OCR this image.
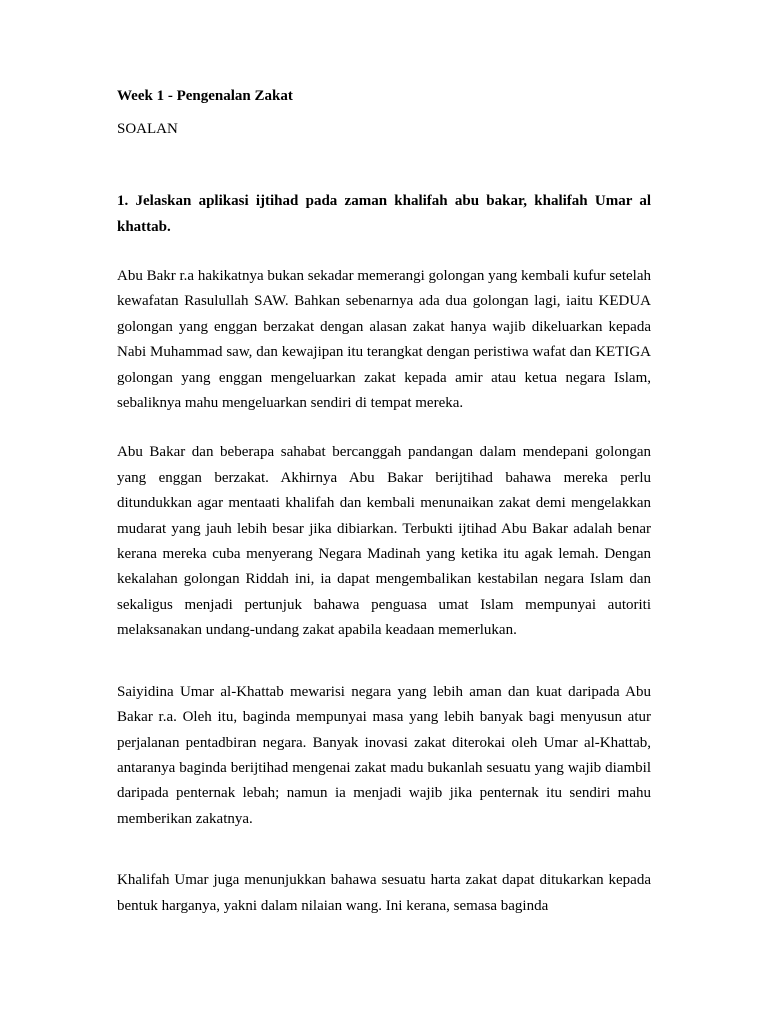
Week 1 - Pengenalan Zakat

SOALAN

1. Jelaskan aplikasi ijtihad pada zaman khalifah abu bakar, khalifah Umar al khattab.

Abu Bakr r.a hakikatnya bukan sekadar memerangi golongan yang kembali kufur setelah kewafatan Rasulullah SAW. Bahkan sebenarnya ada dua golongan lagi, iaitu KEDUA golongan yang enggan berzakat dengan alasan zakat hanya wajib dikeluarkan kepada Nabi Muhammad saw, dan kewajipan itu terangkat dengan peristiwa wafat dan KETIGA golongan yang enggan mengeluarkan zakat kepada amir atau ketua negara Islam, sebaliknya mahu mengeluarkan sendiri di tempat mereka.

Abu Bakar dan beberapa sahabat bercanggah pandangan dalam mendepani golongan yang enggan berzakat. Akhirnya Abu Bakar berijtihad bahawa mereka perlu ditundukkan agar mentaati khalifah dan kembali menunaikan zakat demi mengelakkan mudarat yang jauh lebih besar jika dibiarkan. Terbukti ijtihad Abu Bakar adalah benar kerana mereka cuba menyerang Negara Madinah yang ketika itu agak lemah. Dengan kekalahan golongan Riddah ini, ia dapat mengembalikan kestabilan negara Islam dan sekaligus menjadi pertunjuk bahawa penguasa umat Islam mempunyai autoriti melaksanakan undang-undang zakat apabila keadaan memerlukan.

Saiyidina Umar al-Khattab mewarisi negara yang lebih aman dan kuat daripada Abu Bakar r.a. Oleh itu, baginda mempunyai masa yang lebih banyak bagi menyusun atur perjalanan pentadbiran negara. Banyak inovasi zakat diterokai oleh Umar al-Khattab, antaranya baginda berijtihad mengenai zakat madu bukanlah sesuatu yang wajib diambil daripada penternak lebah; namun ia menjadi wajib jika penternak itu sendiri mahu memberikan zakatnya.

Khalifah Umar juga menunjukkan bahawa sesuatu harta zakat dapat ditukarkan kepada bentuk harganya, yakni dalam nilaian wang. Ini kerana, semasa baginda
